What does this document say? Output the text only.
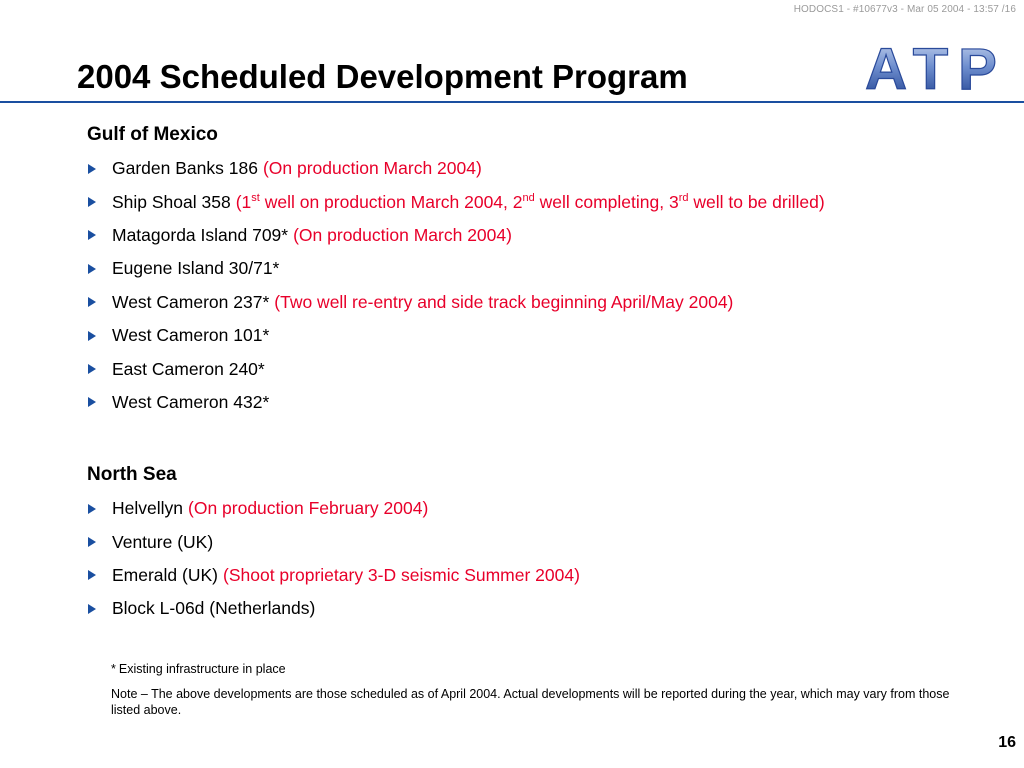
HODOCS1 - #10677v3 - Mar 05 2004 - 13:57 /16
2004 Scheduled Development Program	ATP
Gulf of Mexico
Garden Banks 186 (On production March 2004)
Ship Shoal 358 (1st well on production March 2004, 2nd well completing, 3rd well to be drilled)
Matagorda Island 709* (On production March 2004)
Eugene Island 30/71*
West Cameron 237* (Two well re-entry and side track beginning April/May 2004)
West Cameron 101*
East Cameron 240*
West Cameron 432*
North Sea
Helvellyn (On production February 2004)
Venture (UK)
Emerald (UK) (Shoot proprietary 3-D seismic Summer 2004)
Block L-06d (Netherlands)
* Existing infrastructure in place
Note – The above developments are those scheduled as of April 2004. Actual developments will be reported during the year, which may vary from those listed above.
16
